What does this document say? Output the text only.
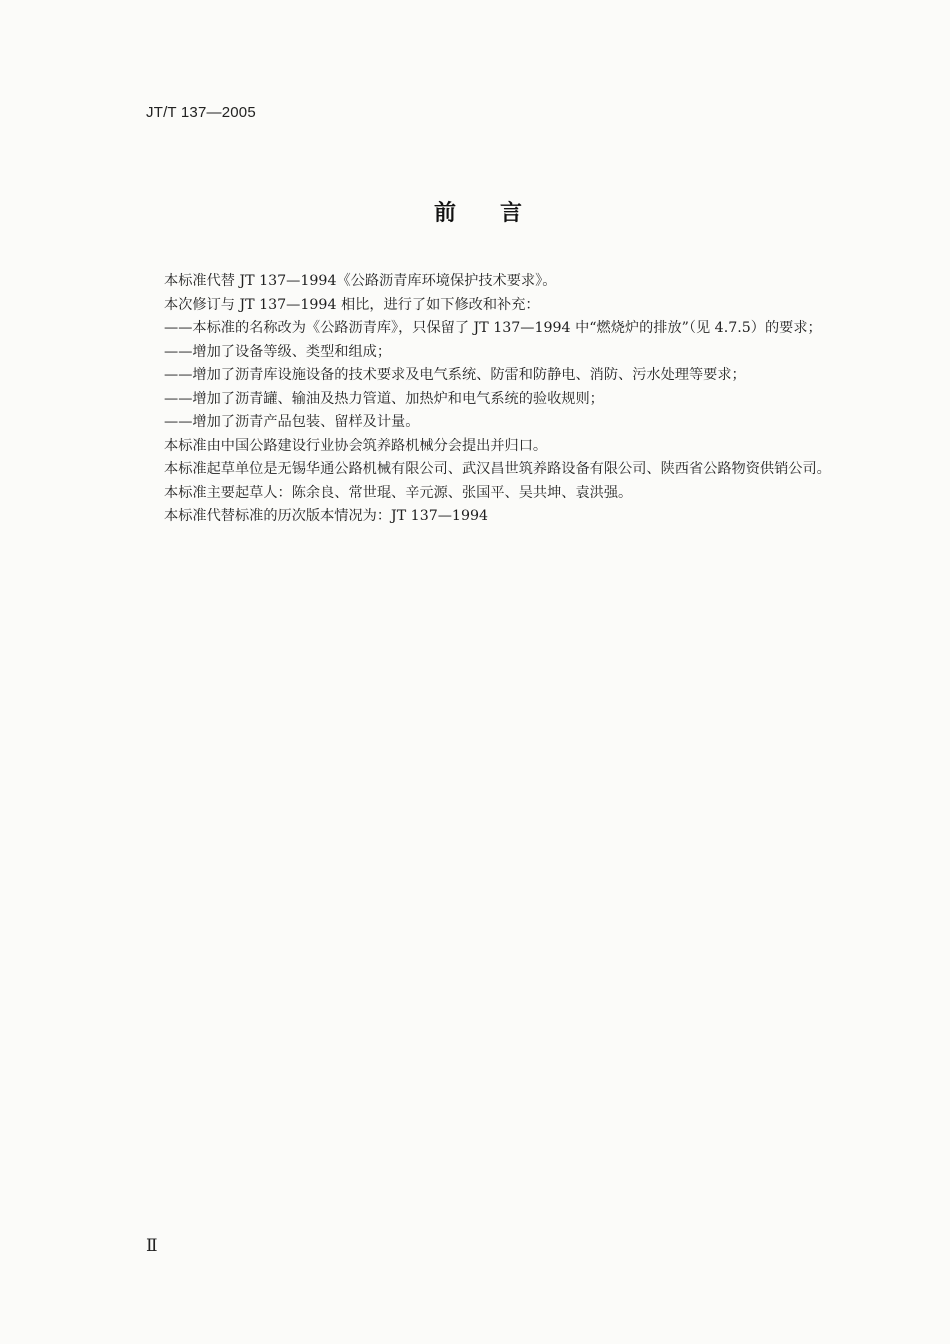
JT/T 137—2005
前言

本标准代替 JT 137—1994《公路沥青库环境保护技术要求》。

本次修订与 JT 137—1994 相比，进行了如下修改和补充：

——本标准的名称改为《公路沥青库》，只保留了 JT 137—1994 中“燃烧炉的排放”（见 4.7.5）的要求；

——增加了设备等级、类型和组成；

——增加了沥青库设施设备的技术要求及电气系统、防雷和防静电、消防、污水处理等要求；

——增加了沥青罐、输油及热力管道、加热炉和电气系统的验收规则；

——增加了沥青产品包装、留样及计量。

本标准由中国公路建设行业协会筑养路机械分会提出并归口。

本标准起草单位是无锡华通公路机械有限公司、武汉昌世筑养路设备有限公司、陕西省公路物资供销公司。

本标准主要起草人：陈余良、常世琨、辛元源、张国平、吴共坤、袁洪强。

本标准代替标准的历次版本情况为：JT 137—1994

Ⅱ
